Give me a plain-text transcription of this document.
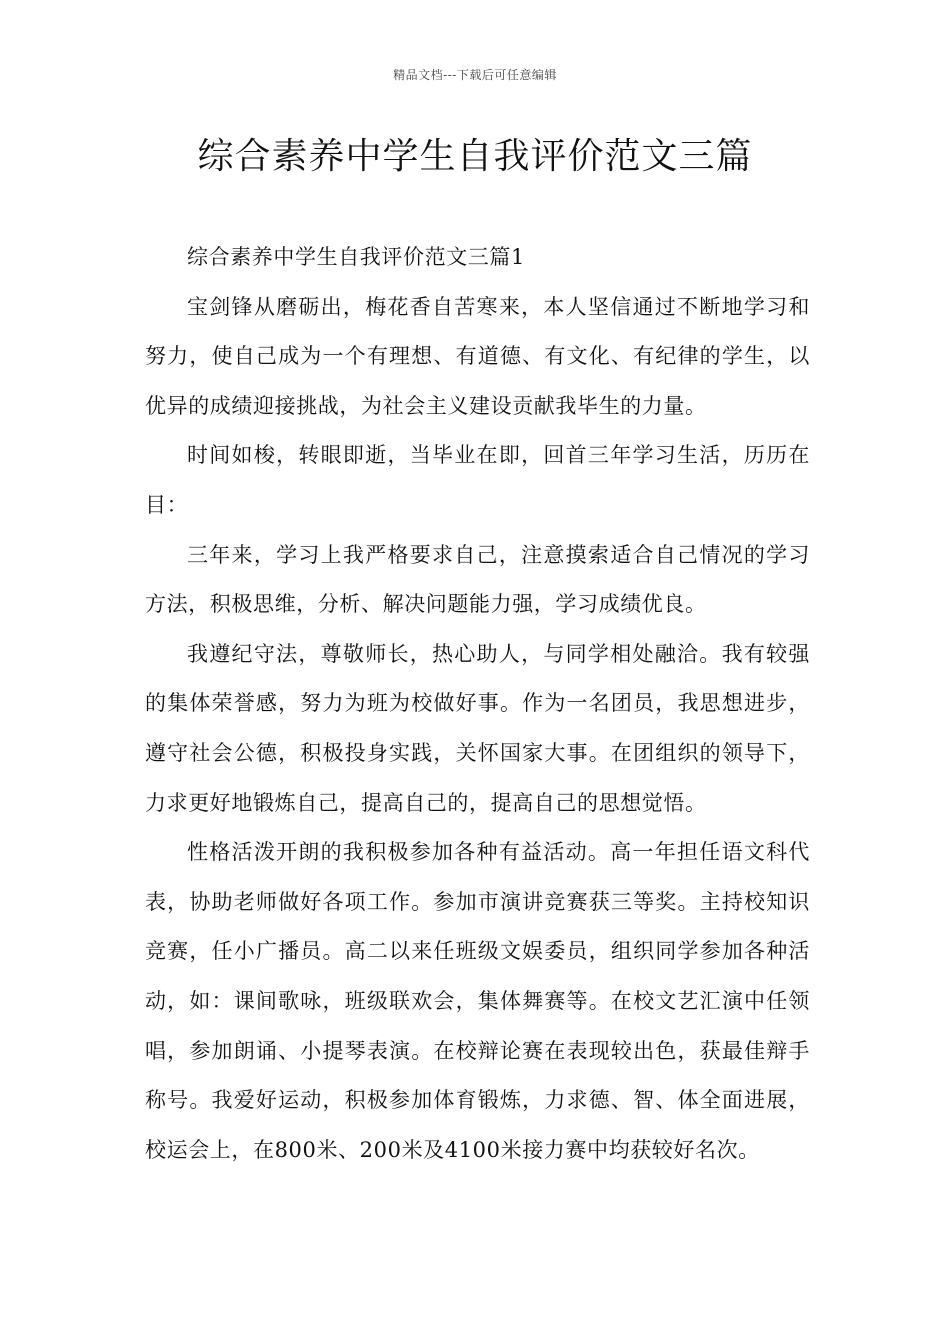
精品文档---下载后可任意编辑
综合素养中学生自我评价范文三篇

综合素养中学生自我评价范文三篇1

宝剑锋从磨砺出，梅花香自苦寒来，本人坚信通过不断地学习和努力，使自己成为一个有理想、有道德、有文化、有纪律的学生，以优异的成绩迎接挑战，为社会主义建设贡献我毕生的力量。

时间如梭，转眼即逝，当毕业在即，回首三年学习生活，历历在目：

三年来，学习上我严格要求自己，注意摸索适合自己情况的学习方法，积极思维，分析、解决问题能力强，学习成绩优良。

我遵纪守法，尊敬师长，热心助人，与同学相处融洽。我有较强的集体荣誉感，努力为班为校做好事。作为一名团员，我思想进步，遵守社会公德，积极投身实践，关怀国家大事。在团组织的领导下，力求更好地锻炼自己，提高自己的，提高自己的思想觉悟。

性格活泼开朗的我积极参加各种有益活动。高一年担任语文科代表，协助老师做好各项工作。参加市演讲竞赛获三等奖。主持校知识竞赛，任小广播员。高二以来任班级文娱委员，组织同学参加各种活动，如：课间歌咏，班级联欢会，集体舞赛等。在校文艺汇演中任领唱，参加朗诵、小提琴表演。在校辩论赛在表现较出色，获最佳辩手称号。我爱好运动，积极参加体育锻炼，力求德、智、体全面进展，校运会上，在800米、200米及4100米接力赛中均获较好名次。
